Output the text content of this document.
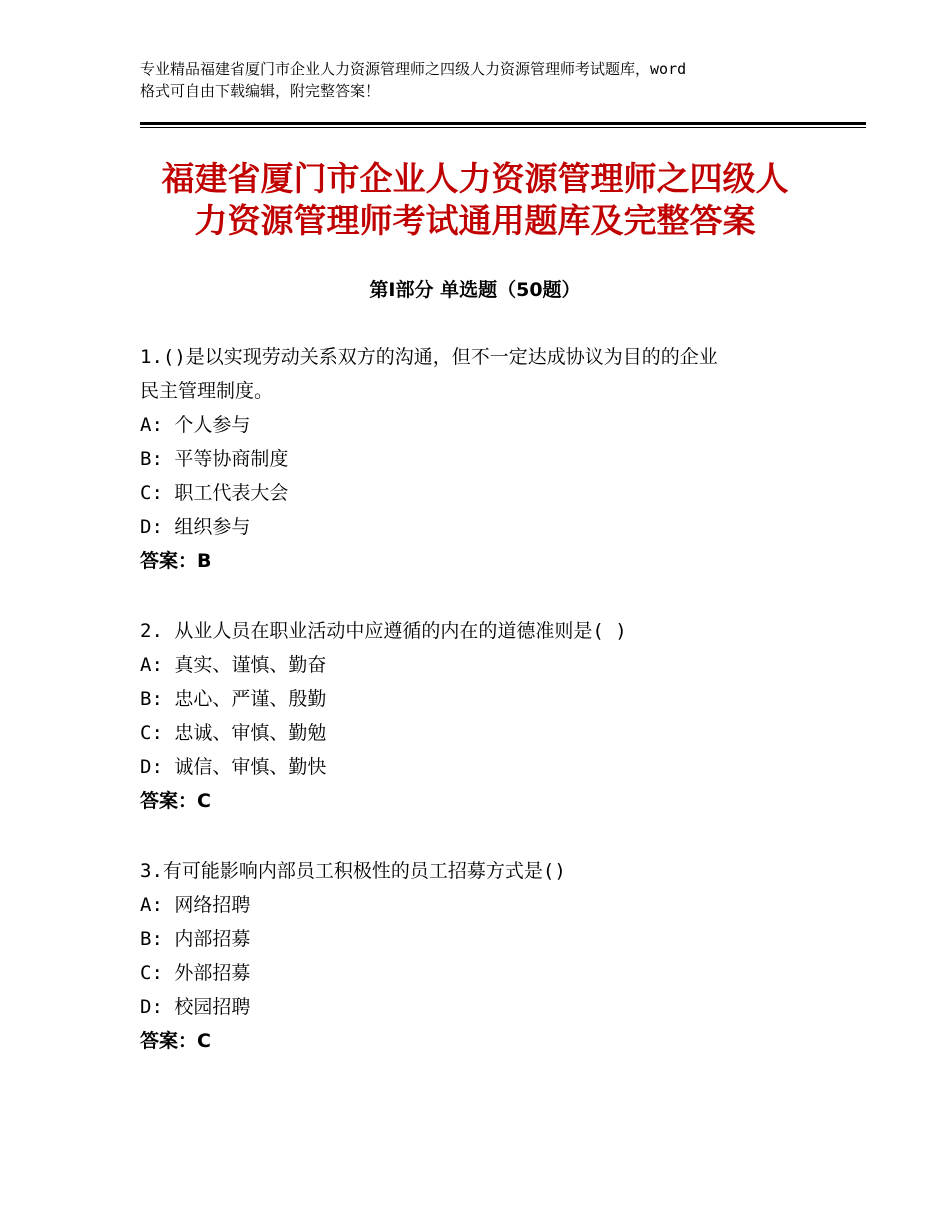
专业精品福建省厦门市企业人力资源管理师之四级人力资源管理师考试题库，word
格式可自由下载编辑，附完整答案！
福建省厦门市企业人力资源管理师之四级人
力资源管理师考试通用题库及完整答案
第Ⅰ部分 单选题（50题）

1.()是以实现劳动关系双方的沟通，但不一定达成协议为目的的企业

民主管理制度。

A: 个人参与

B: 平等协商制度

C: 职工代表大会

D: 组织参与

答案：B

2. 从业人员在职业活动中应遵循的内在的道德准则是( )

A: 真实、谨慎、勤奋

B: 忠心、严谨、殷勤

C: 忠诚、审慎、勤勉

D: 诚信、审慎、勤快

答案：C

3.有可能影响内部员工积极性的员工招募方式是()

A: 网络招聘

B: 内部招募

C: 外部招募

D: 校园招聘

答案：C
